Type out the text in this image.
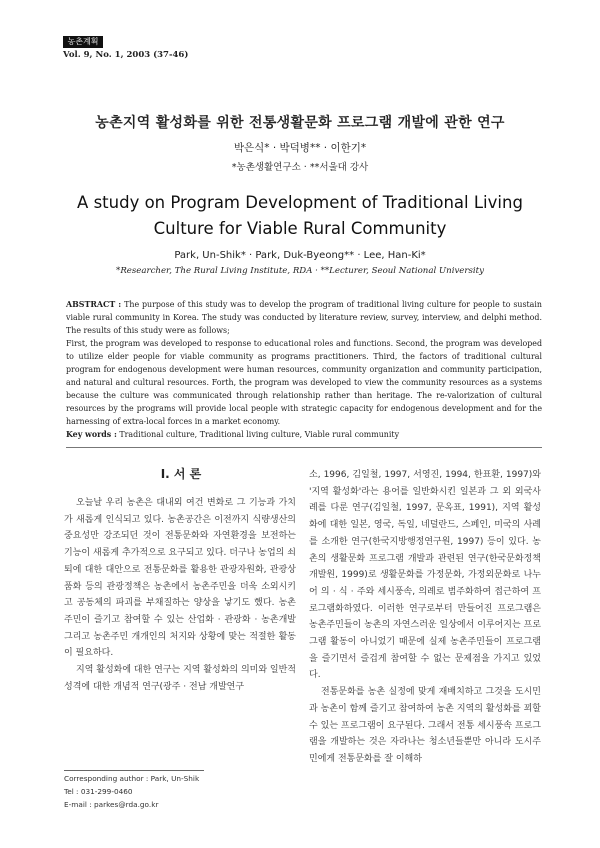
농촌계획
Vol. 9, No. 1, 2003 (37-46)
농촌지역 활성화를 위한 전통생활문화 프로그램 개발에 관한 연구
박은식* · 박덕병** · 이한기*
*농촌생활연구소 · **서울대 강사
A study on Program Development of Traditional Living Culture for Viable Rural Community
Park, Un-Shik* · Park, Duk-Byeong** · Lee, Han-Ki*
*Researcher, The Rural Living Institute, RDA · **Lecturer, Seoul National University

ABSTRACT : The purpose of this study was to develop the program of traditional living culture for people to sustain viable rural community in Korea. The study was conducted by literature review, survey, interview, and delphi method. The results of this study were as follows;

First, the program was developed to response to educational roles and functions. Second, the program was developed to utilize elder people for viable community as programs practitioners. Third, the factors of traditional cultural program for endogenous development were human resources, community organization and community participation, and natural and cultural resources. Forth, the program was developed to view the community resources as a systems because the culture was communicated through relationship rather than heritage. The re-valorization of cultural resources by the programs will provide local people with strategic capacity for endogenous development and for the harnessing of extra-local forces in a market economy.

Key words : Traditional culture, Traditional living culture, Viable rural community
I. 서 론

오늘날 우리 농촌은 대내외 여건 변화로 그 기능과 가치가 새롭게 인식되고 있다. 농촌공간은 이전까지 식량생산의 중요성만 강조되던 것이 전통문화와 자연환경을 보전하는 기능이 새롭게 추가적으로 요구되고 있다. 더구나 농업의 쇠퇴에 대한 대안으로 전통문화를 활용한 관광자원화, 관광상품화 등의 관광정책은 농촌에서 농촌주민을 더욱 소외시키고 공동체의 파괴를 부채질하는 양상을 낳기도 했다. 농촌 주민이 즐기고 참여할 수 있는 산업화 · 관광화 · 농촌개발 그리고 농촌주민 개개인의 처지와 상황에 맞는 적절한 활동이 필요하다.

지역 활성화에 대한 연구는 지역 활성화의 의미와 일반적 성격에 대한 개념적 연구(광주 · 전남 개발연구

소, 1996, 김일철, 1997, 서영진, 1994, 한표환, 1997)와 '지역 활성화'라는 용어를 일반화시킨 일본과 그 외 외국사례를 다룬 연구(김일철, 1997, 문옥표, 1991), 지역 활성화에 대한 일본, 영국, 독일, 네덜란드, 스페인, 미국의 사례를 소개한 연구(한국지방행정연구원, 1997) 등이 있다. 농촌의 생활문화 프로그램 개발과 관련된 연구(한국문화정책개발원, 1999)로 생활문화를 가정문화, 가정외문화로 나누어 의 · 식 · 주와 세시풍속, 의례로 범주화하여 접근하여 프로그램화하였다. 이러한 연구로부터 만들어진 프로그램은 농촌주민들이 농촌의 자연스러운 일상에서 이루어지는 프로그램 활동이 아니었기 때문에 실제 농촌주민들이 프로그램을 즐기면서 즐겁게 참여할 수 없는 문제점을 가지고 있었다.

전통문화를 농촌 실정에 맞게 재배치하고 그것을 도시민과 농촌이 함께 즐기고 참여하여 농촌 지역의 활성화를 꾀할 수 있는 프로그램이 요구된다. 그래서 전통 세시풍속 프로그램을 개발하는 것은 자라나는 청소년들뿐만 아니라 도시주민에게 전통문화를 잘 이해하

Corresponding author : Park, Un-Shik
Tel : 031-299-0460
E-mail : parkes@rda.go.kr
